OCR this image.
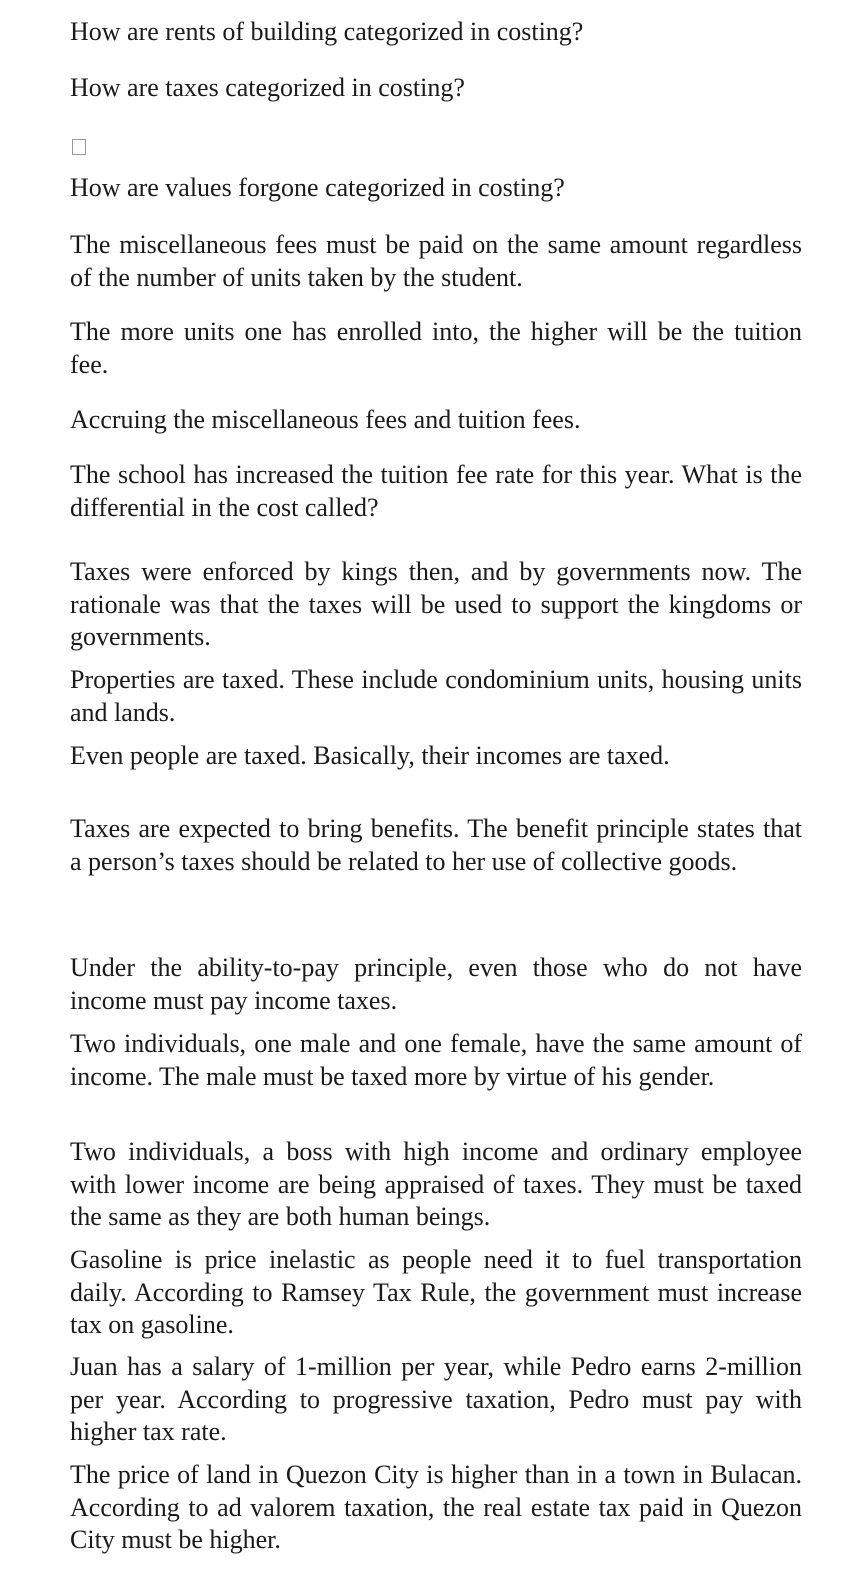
How are rents of building categorized in costing?

How are taxes categorized in costing?

How are values forgone categorized in costing?

The miscellaneous fees must be paid on the same amount regardless of the number of units taken by the student.

The more units one has enrolled into, the higher will be the tuition fee.

Accruing the miscellaneous fees and tuition fees.

The school has increased the tuition fee rate for this year. What is the differential in the cost called?

Taxes were enforced by kings then, and by governments now. The rationale was that the taxes will be used to support the kingdoms or governments.

Properties are taxed. These include condominium units, housing units and lands.

Even people are taxed. Basically, their incomes are taxed.

Taxes are expected to bring benefits. The benefit principle states that a person’s taxes should be related to her use of collective goods.

Under the ability-to-pay principle, even those who do not have income must pay income taxes.

Two individuals, one male and one female, have the same amount of income. The male must be taxed more by virtue of his gender.

Two individuals, a boss with high income and ordinary employee with lower income are being appraised of taxes. They must be taxed the same as they are both human beings.

Gasoline is price inelastic as people need it to fuel transportation daily. According to Ramsey Tax Rule, the government must increase tax on gasoline.

Juan has a salary of 1-million per year, while Pedro earns 2-million per year. According to progressive taxation, Pedro must pay with higher tax rate.

The price of land in Quezon City is higher than in a town in Bulacan. According to ad valorem taxation, the real estate tax paid in Quezon City must be higher.
